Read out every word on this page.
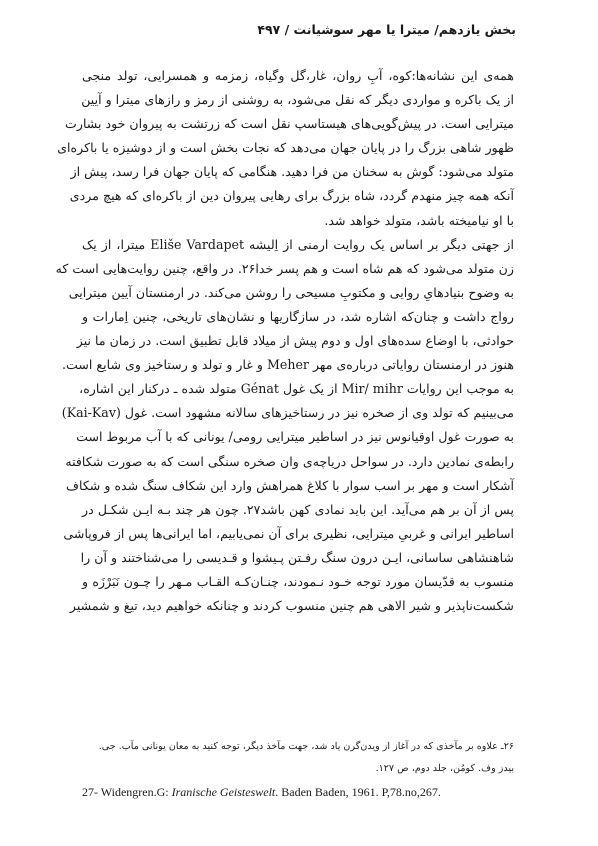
بخش یازدهم/ میترا یا مهر سوشیانت / ۴۹۷
همه‌ی این نشانه‌ها:کوه، آبِ روان، غار،گل وگیاه، زمزمه و همسرایی، تولد منجی
از یک باکره و مواردی دیگر که نقل می‌شود، به روشنی از رمز و رازهای میترا و آیین
میترایی است. در پیش‌گویی‌های هیستاسپ نقل است که زرتشت به پیروان خود بشارت
ظهور شاهی بزرگ را در پایان جهان می‌دهد که نجات بخش است و از دوشیزه یا باکره‌ای
متولد می‌شود: گوش به سخنان من فرا دهید. هنگامی که پایان جهان فرا رسد، پیش از
آنکه همه چیز منهدم گردد، شاه بزرگ برای رهایی پیروان دین از باکره‌ای که هیچ مردی
با او نیامیخته باشد، متولد خواهد شد.
از جهتی دیگر بر اساس یک روایت ارمنی از اِلیشه Eliše Vardapet میترا، از یک
زن متولد می‌شود که هم شاه است و هم پسر خدا۲۶. در واقع، چنین روایت‌هایی است که
به وضوح بنیادهایِ روایی و مکتوبِ مسیحی را روشن می‌کند. در ارمنستان آیین میترایی
رواج داشت و چنان‌که اشاره شد، در سازگاریها و نشان‌های تاریخی، چنین اِمارات و
حوادثی، با اوضاع سده‌های اول و دوم پیش از میلاد قابل تطبیق است. در زمان ما نیز
هنوز در ارمنستان روایاتی درباره‌ی مهر Meher و غار و تولد و رستاخیز وی شایع است.
به موجب این روایات Mir/ mihr از یک غول Génat متولد شده ـ درکنار این اشاره،
می‌بینیم که تولد وی از صخره نیز در رستاخیزهای سالانه مشهود است. غول (Kai-Kav)
به صورت غول اوقیانوس نیز در اساطیر میترایی رومی/ یونانی که با آب مربوط است
رابطه‌ی نمادین دارد. در سواحل دریاچه‌ی وان صخره سنگی است که به صورت شکافته
آشکار است و مهر بر اسب سوار با کلاغ همراهش وارد این شکاف سنگ شده و شکاف
پس از آن بر هم می‌آید. این باید نمادی کهن باشد۲۷. چون هر چند بـه ایـن شکـل در
اساطیر ایرانی و غربیِ میترایی، نظیری برای آن نمی‌یابیم، اما ایرانی‌ها پس از فروپاشی
شاهنشاهی ساسانی، ایـن درون سنگ رفـتن پـیشوا و قـدیسی را می‌شناختند و آن را
منسوب به قدّیسان مورد توجه خـود نـمودند، چنـان‌کـه القـاب مـهر را چـون نَبَرْزَه و
شکست‌ناپذیر و شیر الاهی هم چنین منسوب کردند و چنانکه خواهیم دید، تیغ و شمشیر
۲۶ـ علاوه بر مآخذی که در آغاز از ویدن‌گرن یاد شد، جهت مآخذ دیگر، توجه کنید به معان یونانی مآب. جی.
بیدز وف. کومُن، جلد دوم، ص ۱۲۷.
27- Widengren.G: Iranische Geisteswelt. Baden Baden, 1961. P,78.no,267.
